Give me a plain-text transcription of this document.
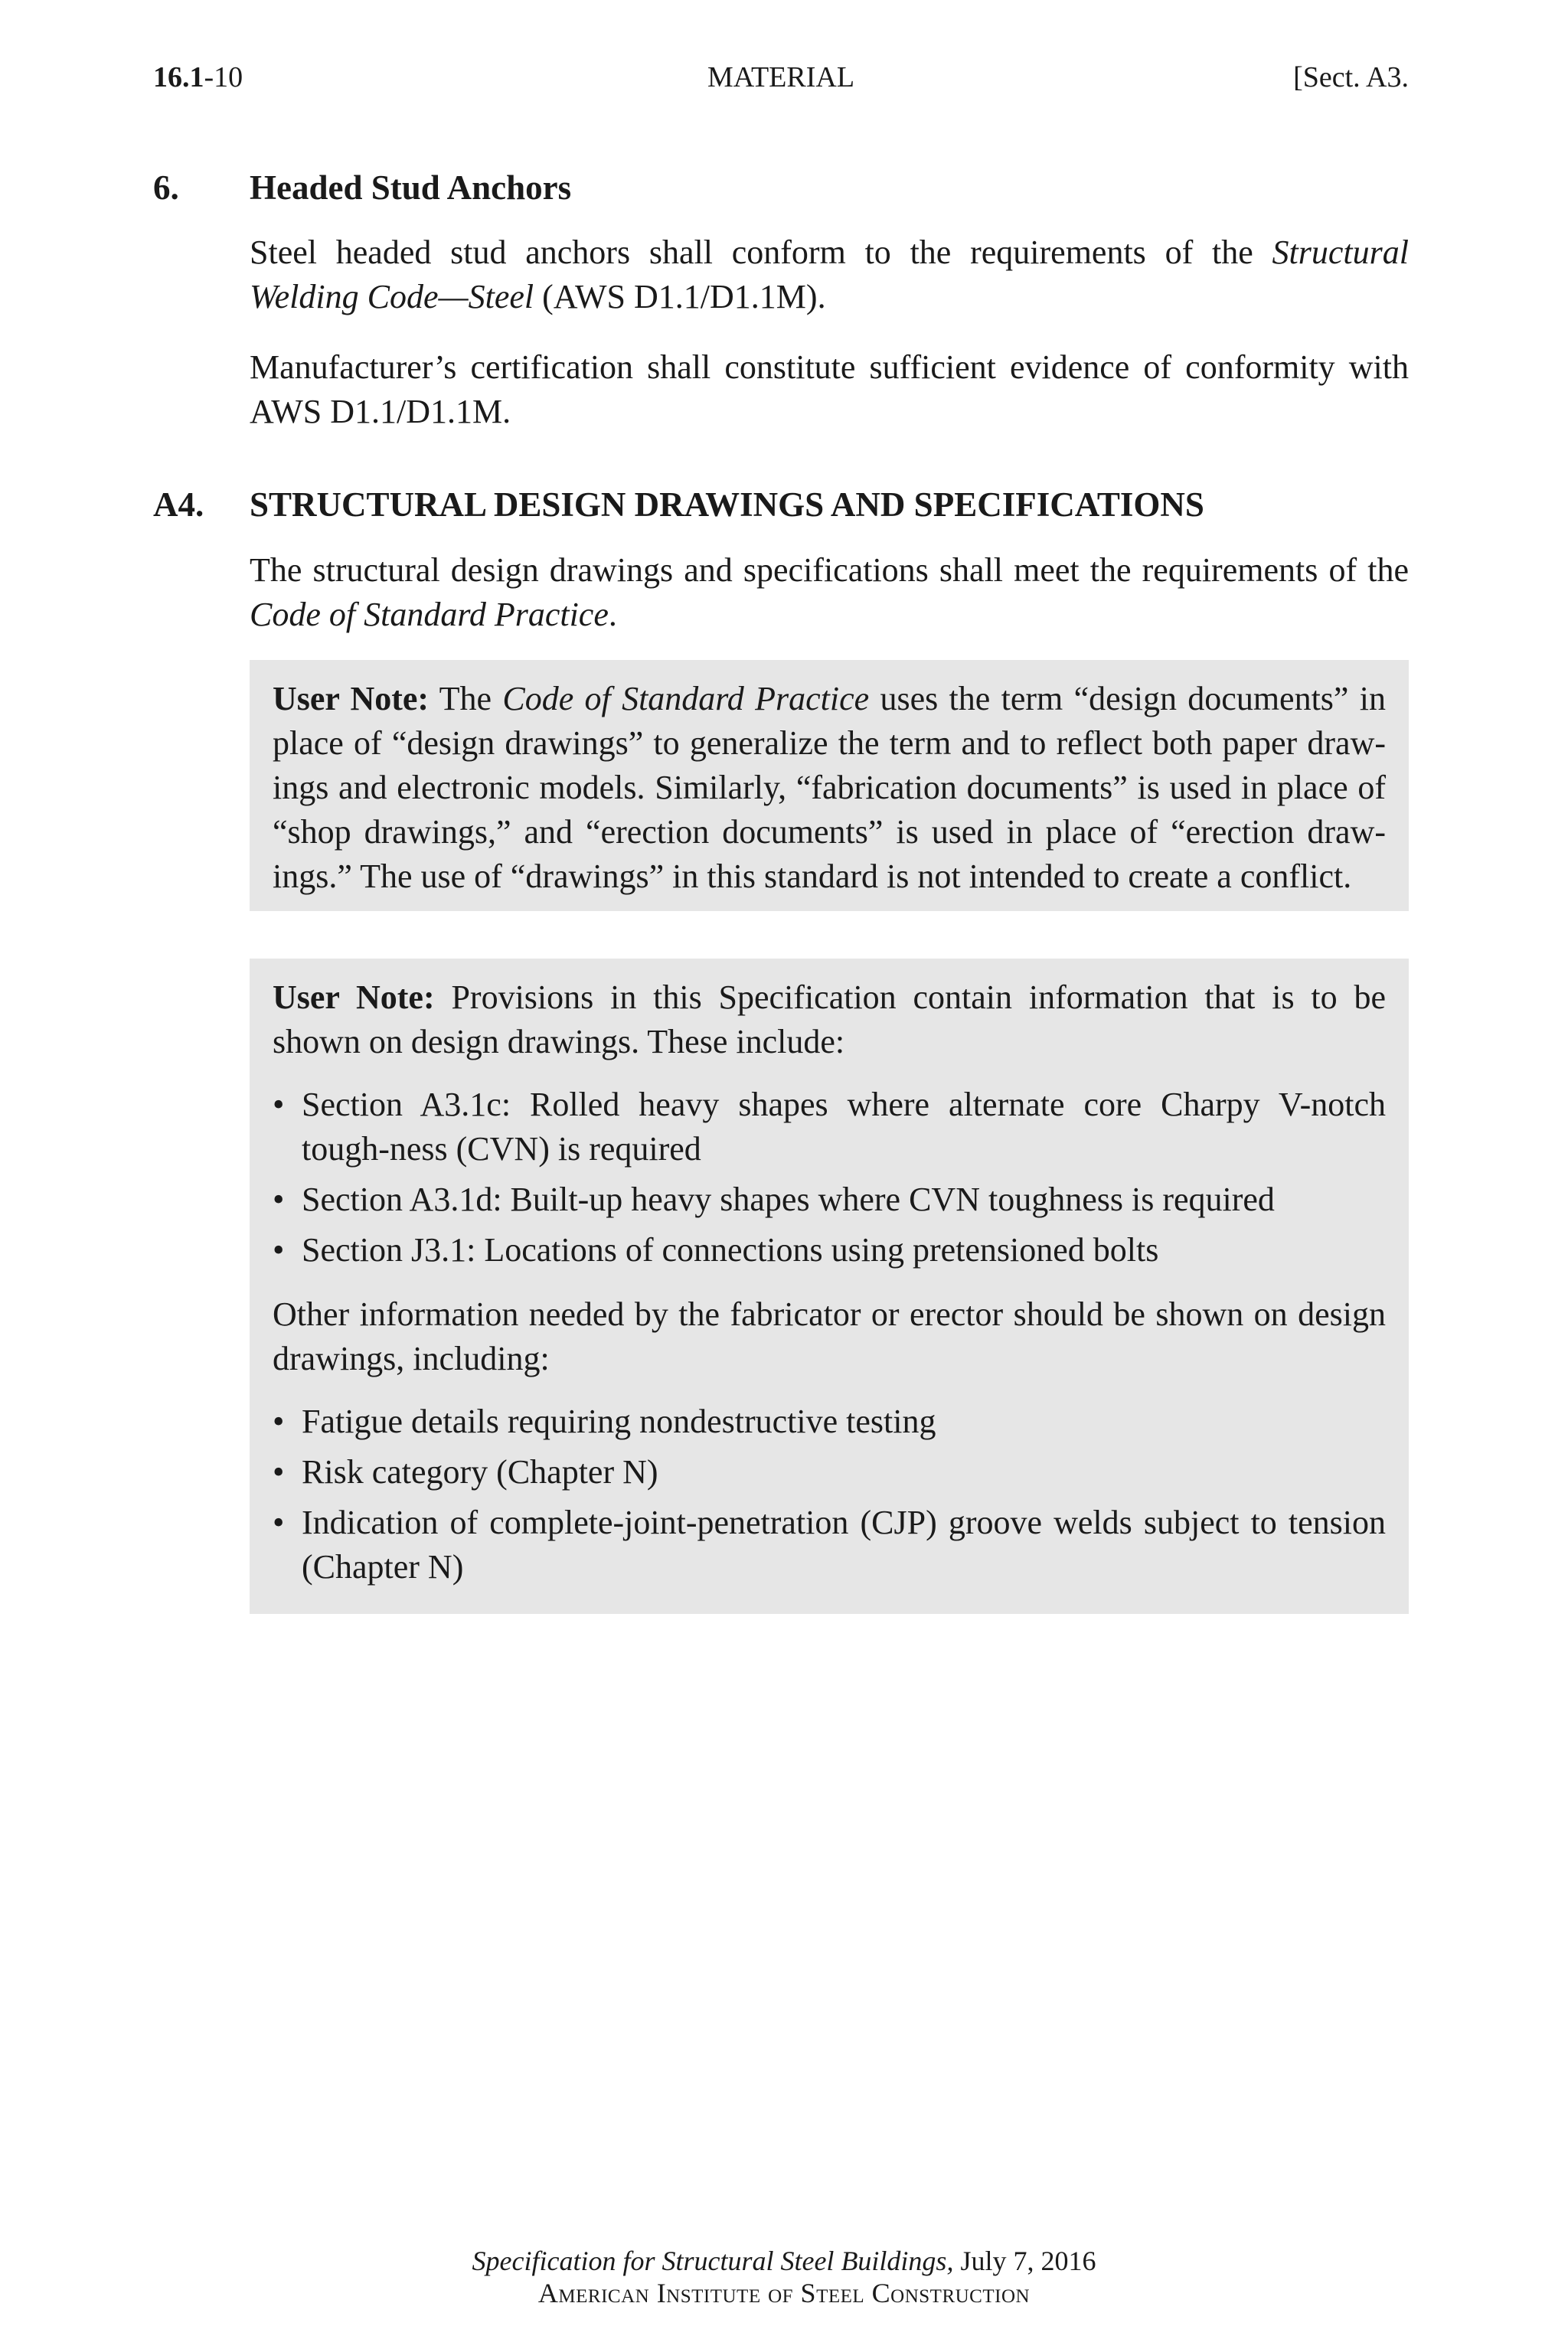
16.1-10	MATERIAL	[Sect. A3.
6. Headed Stud Anchors

Steel headed stud anchors shall conform to the requirements of the Structural Welding Code—Steel (AWS D1.1/D1.1M).

Manufacturer’s certification shall constitute sufficient evidence of conformity with AWS D1.1/D1.1M.

A4. STRUCTURAL DESIGN DRAWINGS AND SPECIFICATIONS

The structural design drawings and specifications shall meet the requirements of the Code of Standard Practice.

User Note: The Code of Standard Practice uses the term “design documents” in place of “design drawings” to generalize the term and to reflect both paper draw-ings and electronic models. Similarly, “fabrication documents” is used in place of “shop drawings,” and “erection documents” is used in place of “erection draw-ings.” The use of “drawings” in this standard is not intended to create a conflict.

User Note: Provisions in this Specification contain information that is to be shown on design drawings. These include:

• Section A3.1c: Rolled heavy shapes where alternate core Charpy V-notch tough-ness (CVN) is required
• Section A3.1d: Built-up heavy shapes where CVN toughness is required
• Section J3.1: Locations of connections using pretensioned bolts

Other information needed by the fabricator or erector should be shown on design drawings, including:

• Fatigue details requiring nondestructive testing
• Risk category (Chapter N)
• Indication of complete-joint-penetration (CJP) groove welds subject to tension (Chapter N)
Specification for Structural Steel Buildings, July 7, 2016
American Institute of Steel Construction
